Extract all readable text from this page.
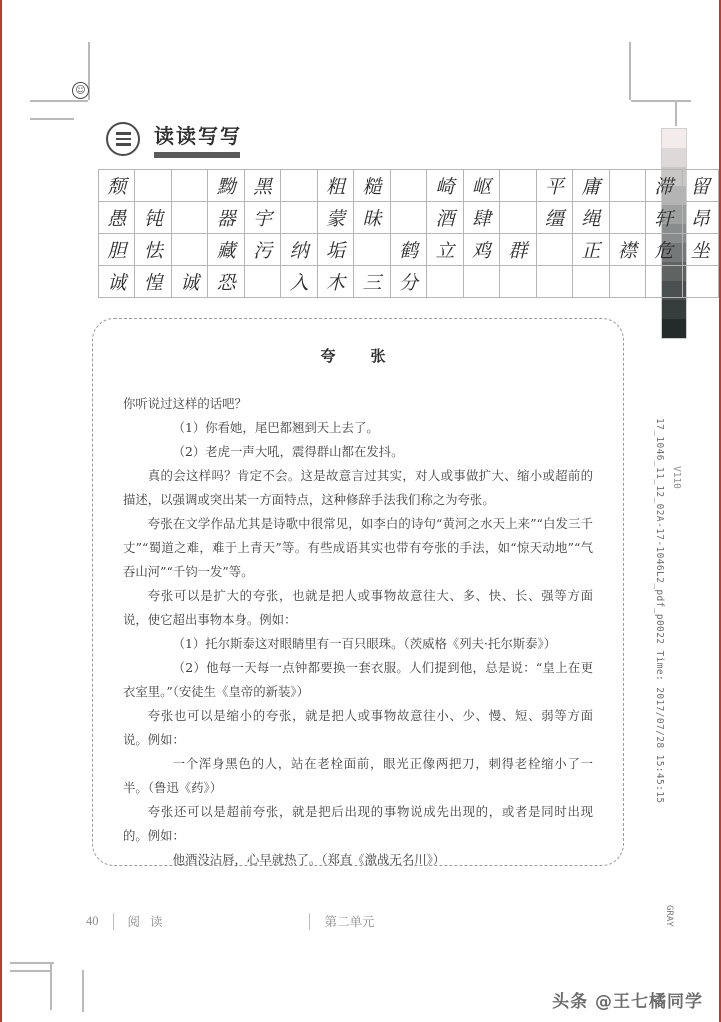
☺
读读写写
颓			黝	黑		粗	糙		崎	岖		平	庸		滞	留
愚	钝		器	宇		蒙	昧		酒	肆		缰	绳		轩	昂
胆	怯		藏	污	纳	垢		鹤	立	鸡	群		正	襟	危	坐
诚	惶	诚	恐		入	木	三	分								
夸　张

你听说过这样的话吧？

（1）你看她，尾巴都翘到天上去了。

（2）老虎一声大吼，震得群山都在发抖。

真的会这样吗？肯定不会。这是故意言过其实，对人或事做扩大、缩小或超前的描述，以强调或突出某一方面特点，这种修辞手法我们称之为夸张。

夸张在文学作品尤其是诗歌中很常见，如李白的诗句“黄河之水天上来”“白发三千丈”“蜀道之难，难于上青天”等。有些成语其实也带有夸张的手法，如“惊天动地”“气吞山河”“千钧一发”等。

夸张可以是扩大的夸张，也就是把人或事物故意往大、多、快、长、强等方面说，使它超出事物本身。例如：

（1）托尔斯泰这对眼睛里有一百只眼珠。（茨威格《列夫·托尔斯泰》）

（2）他每一天每一点钟都要换一套衣服。人们提到他，总是说：“皇上在更衣室里。”（安徒生《皇帝的新装》）

夸张也可以是缩小的夸张，就是把人或事物故意往小、少、慢、短、弱等方面说。例如：

一个浑身黑色的人，站在老栓面前，眼光正像两把刀，刺得老栓缩小了一半。（鲁迅《药》）

夸张还可以是超前夸张，就是把后出现的事物说成先出现的，或者是同时出现的。例如：

他酒没沾唇，心早就热了。（郑直《激战无名川》）

40 阅 读	第二单元
17_1046_11_12_02A-17-1046L2_pdf_p0022 Time: 2017/07/28 15:45:15
GRAY
V110
头条 @王七橘同学
